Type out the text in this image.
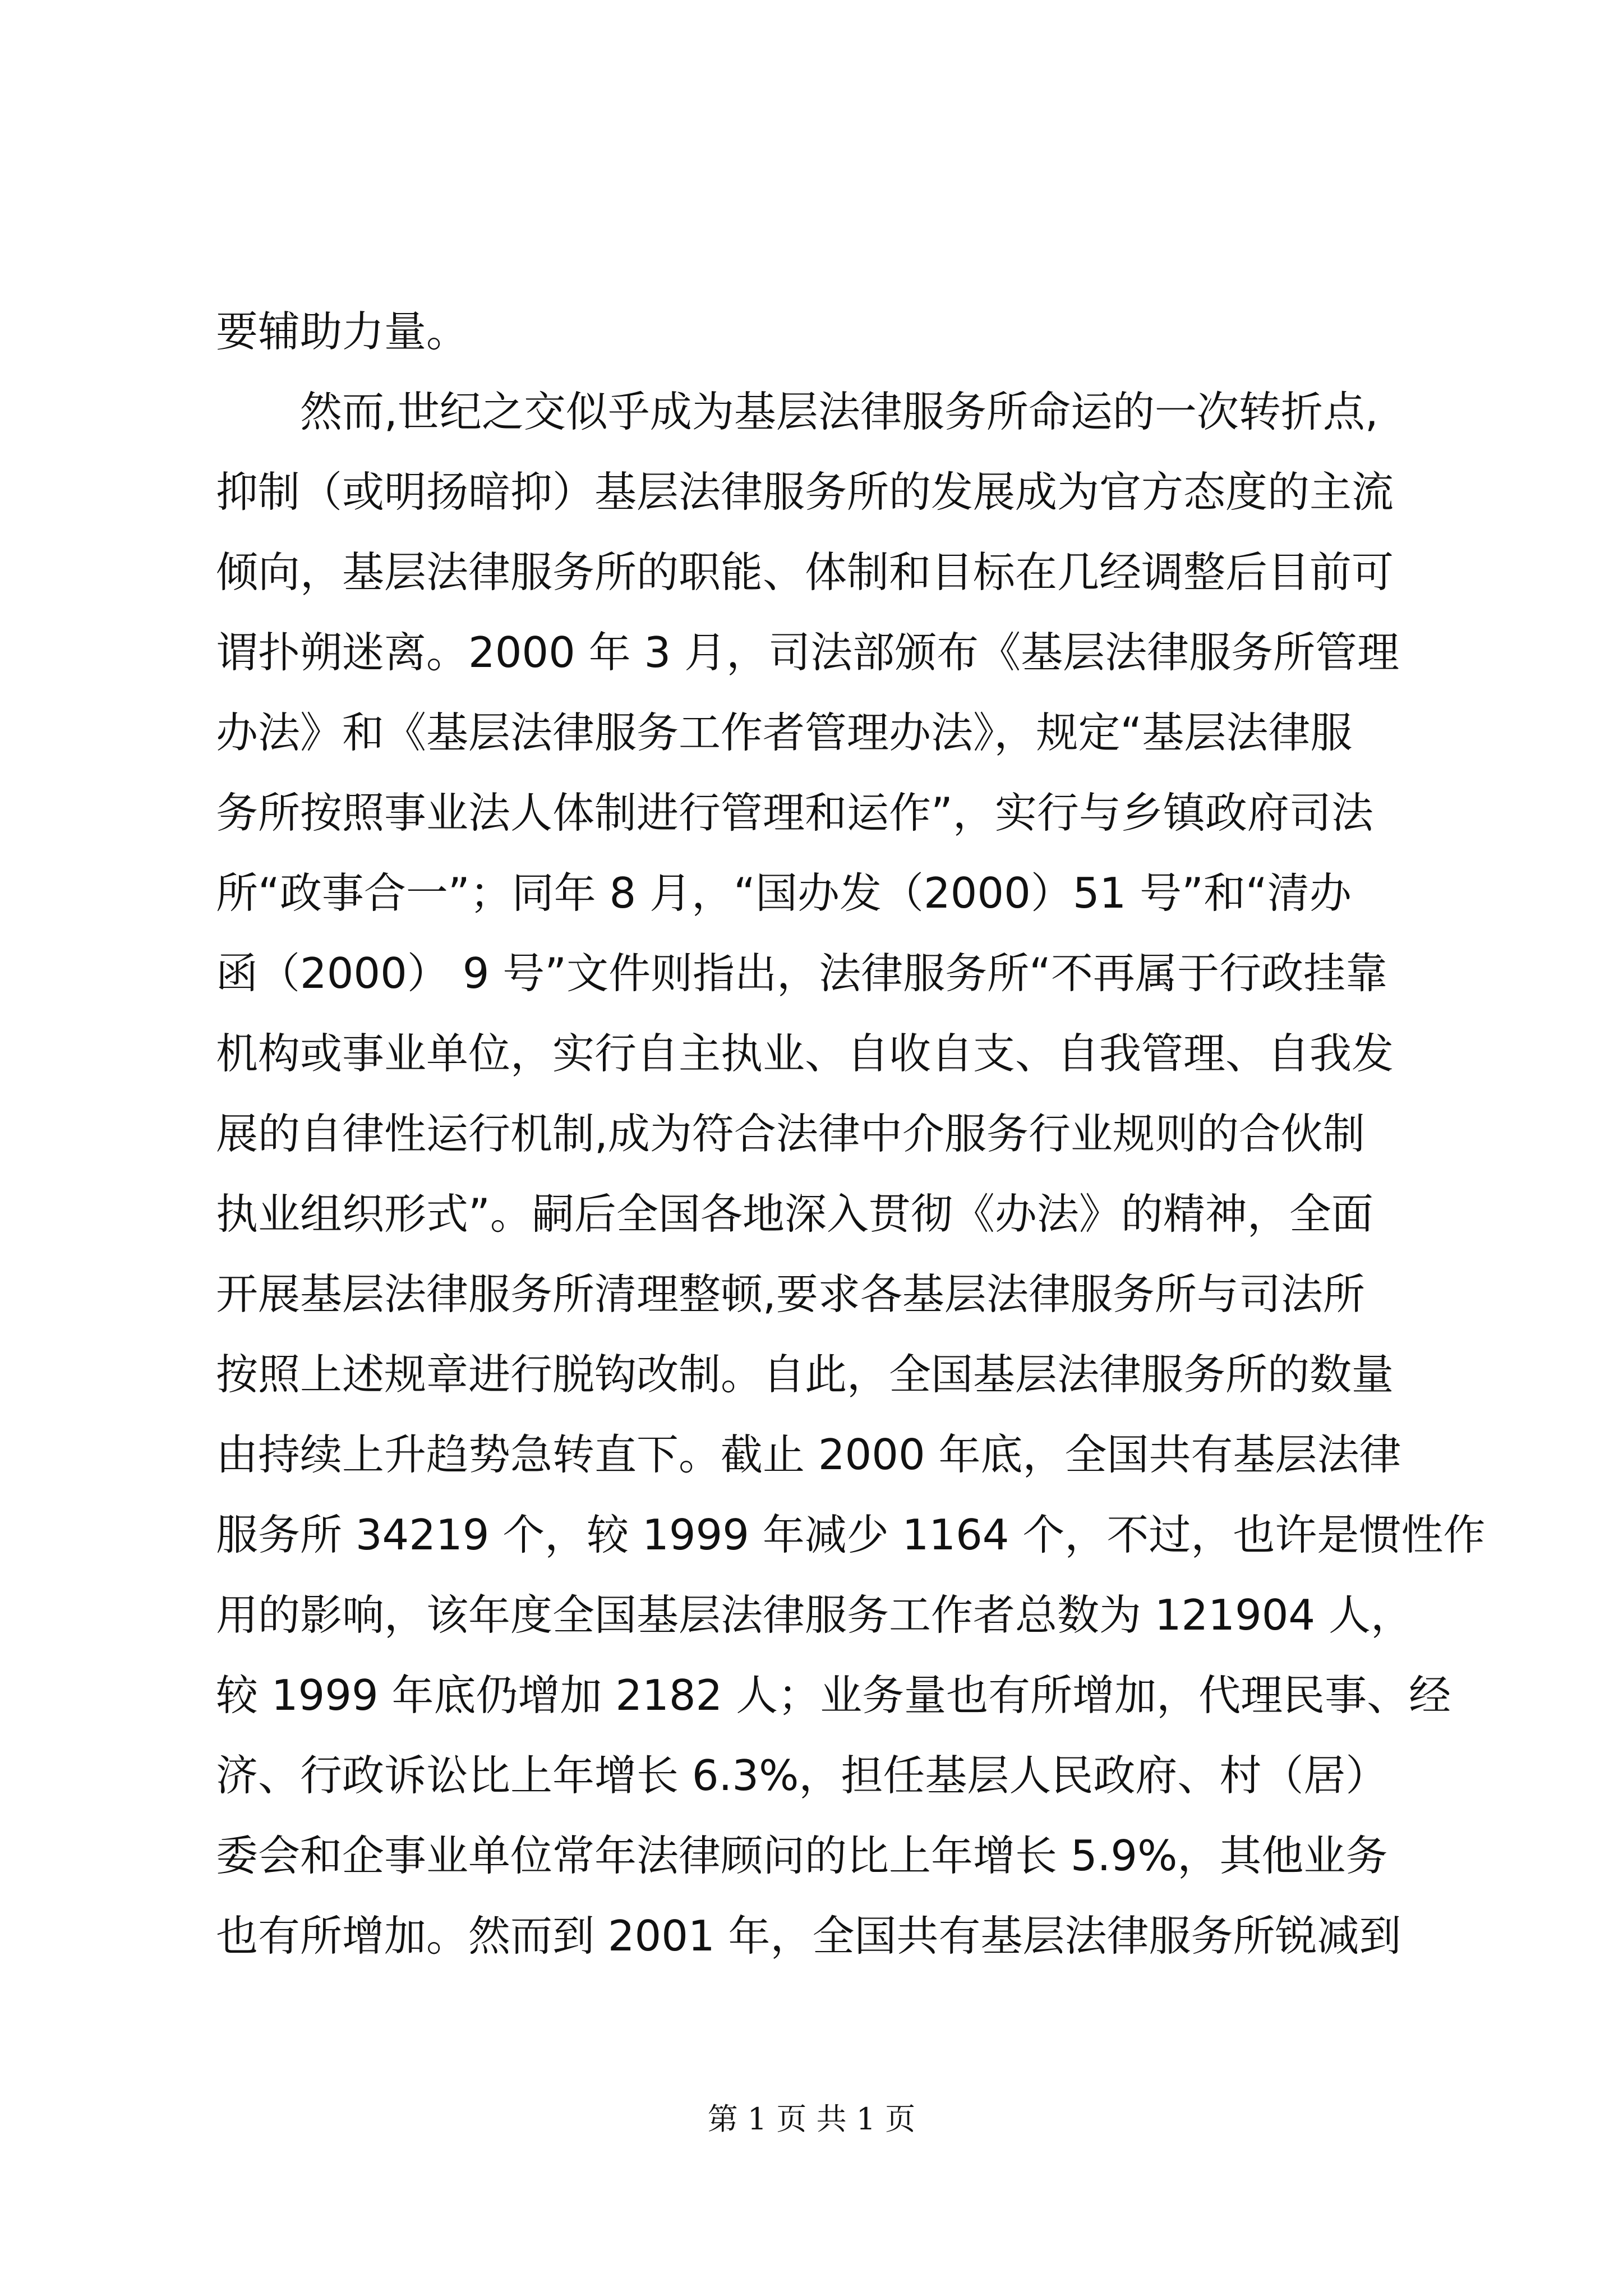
要辅助力量。
　　然而,世纪之交似乎成为基层法律服务所命运的一次转折点,
抑制（或明扬暗抑）基层法律服务所的发展成为官方态度的主流
倾向，基层法律服务所的职能、体制和目标在几经调整后目前可
谓扑朔迷离。2000 年 3 月，司法部颁布《基层法律服务所管理
办法》和《基层法律服务工作者管理办法》，规定“基层法律服
务所按照事业法人体制进行管理和运作”，实行与乡镇政府司法
所“政事合一”；同年 8 月，“国办发（2000）51 号”和“清办
函（2000） 9 号”文件则指出，法律服务所“不再属于行政挂靠
机构或事业单位，实行自主执业、自收自支、自我管理、自我发
展的自律性运行机制,成为符合法律中介服务行业规则的合伙制
执业组织形式”。嗣后全国各地深入贯彻《办法》的精神，全面
开展基层法律服务所清理整顿,要求各基层法律服务所与司法所
按照上述规章进行脱钩改制。自此，全国基层法律服务所的数量
由持续上升趋势急转直下。截止 2000 年底，全国共有基层法律
服务所 34219 个，较 1999 年减少 1164 个，不过，也许是惯性作
用的影响，该年度全国基层法律服务工作者总数为 121904 人，
较 1999 年底仍增加 2182 人；业务量也有所增加，代理民事、经
济、行政诉讼比上年增长 6.3%，担任基层人民政府、村（居）
委会和企事业单位常年法律顾问的比上年增长 5.9%，其他业务
也有所增加。然而到 2001 年，全国共有基层法律服务所锐减到
第 1 页 共 1 页
